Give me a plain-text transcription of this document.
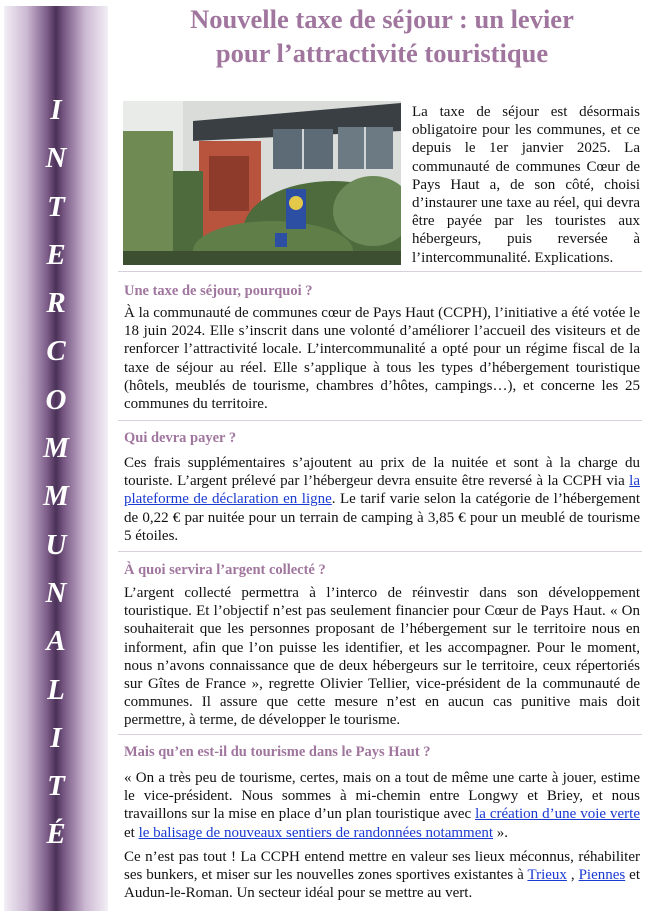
I
N
T
E
R
C
O
M
M
U
N
A
L
I
T
É
Nouvelle taxe de séjour : un levier
pour l’attractivité touristique

La taxe de séjour est désormais obligatoire pour les communes, et ce depuis le 1er janvier 2025. La communauté de communes Cœur de Pays Haut a, de son côté, choisi d’instaurer une taxe au réel, qui devra être payée par les touristes aux hébergeurs, puis reversée à l’intercommunalité. Explications.

Une taxe de séjour, pourquoi ?

À la communauté de communes cœur de Pays Haut (CCPH), l’initiative a été votée le 18 juin 2024. Elle s’inscrit dans une volonté d’améliorer l’accueil des visiteurs et de renforcer l’attractivité locale. L’intercommunalité a opté pour un régime fiscal de la taxe de séjour au réel. Elle s’applique à tous les types d’hébergement touristique (hôtels, meublés de tourisme, chambres d’hôtes, campings…), et concerne les 25 communes du territoire.

Qui devra payer ?

Ces frais supplémentaires s’ajoutent au prix de la nuitée et sont à la charge du touriste. L’argent prélevé par l’hébergeur devra ensuite être reversé à la CCPH via la plateforme de déclaration en ligne. Le tarif varie selon la catégorie de l’hébergement de 0,22 € par nuitée pour un terrain de camping à 3,85 € pour un meublé de tourisme 5 étoiles.

À quoi servira l’argent collecté ?

L’argent collecté permettra à l’interco de réinvestir dans son développement touristique. Et l’objectif n’est pas seulement financier pour Cœur de Pays Haut. « On souhaiterait que les personnes proposant de l’hébergement sur le territoire nous en informent, afin que l’on puisse les identifier, et les accompagner. Pour le moment, nous n’avons connaissance que de deux hébergeurs sur le territoire, ceux répertoriés sur Gîtes de France », regrette Olivier Tellier, vice-président de la communauté de communes. Il assure que cette mesure n’est en aucun cas punitive mais doit permettre, à terme, de développer le tourisme.

Mais qu’en est-il du tourisme dans le Pays Haut ?

« On a très peu de tourisme, certes, mais on a tout de même une carte à jouer, estime le vice-président. Nous sommes à mi-chemin entre Longwy et Briey, et nous travaillons sur la mise en place d’un plan touristique avec la création d’une voie verte et le balisage de nouveaux sentiers de randonnées notamment ».

Ce n’est pas tout ! La CCPH entend mettre en valeur ses lieux méconnus, réhabiliter ses bunkers, et miser sur les nouvelles zones sportives existantes à Trieux , Piennes et Audun-le-Roman. Un secteur idéal pour se mettre au vert.
